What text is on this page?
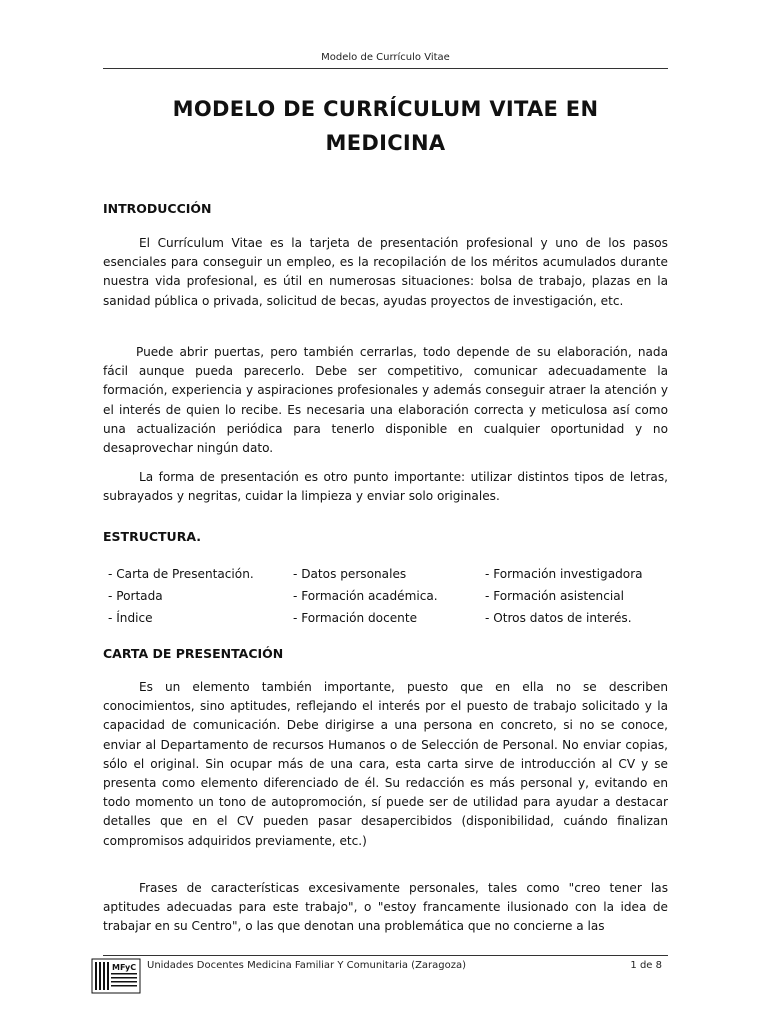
Modelo de Currículo Vitae
MODELO DE CURRÍCULUM VITAE EN
MEDICINA
INTRODUCCIÓN

El Currículum Vitae es la tarjeta de presentación profesional y uno de los pasos esenciales para conseguir un empleo, es la recopilación de los méritos acumulados durante nuestra vida profesional, es útil en numerosas situaciones: bolsa de trabajo, plazas en la sanidad pública o privada, solicitud de becas, ayudas proyectos de investigación, etc.

Puede abrir puertas, pero también cerrarlas, todo depende de su elaboración, nada fácil aunque pueda parecerlo. Debe ser competitivo, comunicar adecuadamente la formación, experiencia y aspiraciones profesionales y además conseguir atraer la atención y el interés de quien lo recibe. Es necesaria una elaboración correcta y meticulosa así como una actualización periódica para tenerlo disponible en cualquier oportunidad y no desaprovechar ningún dato.

La forma de presentación es otro punto importante: utilizar distintos tipos de letras, subrayados y negritas, cuidar la limpieza y enviar solo originales.

ESTRUCTURA.
- Carta de Presentación.	- Datos personales	- Formación investigadora
- Portada	- Formación académica.	- Formación asistencial
- Índice	- Formación docente	- Otros datos de interés.
CARTA DE PRESENTACIÓN

Es un elemento también importante, puesto que en ella no se describen conocimientos, sino aptitudes, reflejando el interés por el puesto de trabajo solicitado y la capacidad de comunicación. Debe dirigirse a una persona en concreto, si no se conoce, enviar al Departamento de recursos Humanos o de Selección de Personal. No enviar copias, sólo el original. Sin ocupar más de una cara, esta carta sirve de introducción al CV y se presenta como elemento diferenciado de él. Su redacción es más personal y, evitando en todo momento un tono de autopromoción, sí puede ser de utilidad para ayudar a destacar detalles que en el CV pueden pasar desapercibidos (disponibilidad, cuándo finalizan compromisos adquiridos previamente, etc.)

Frases de características excesivamente personales, tales como "creo tener las aptitudes adecuadas para este trabajo", o "estoy francamente ilusionado con la idea de trabajar en su Centro", o las que denotan una problemática que no concierne a las

MFyC Unidades Docentes Medicina Familiar Y Comunitaria (Zaragoza)	1 de 8
